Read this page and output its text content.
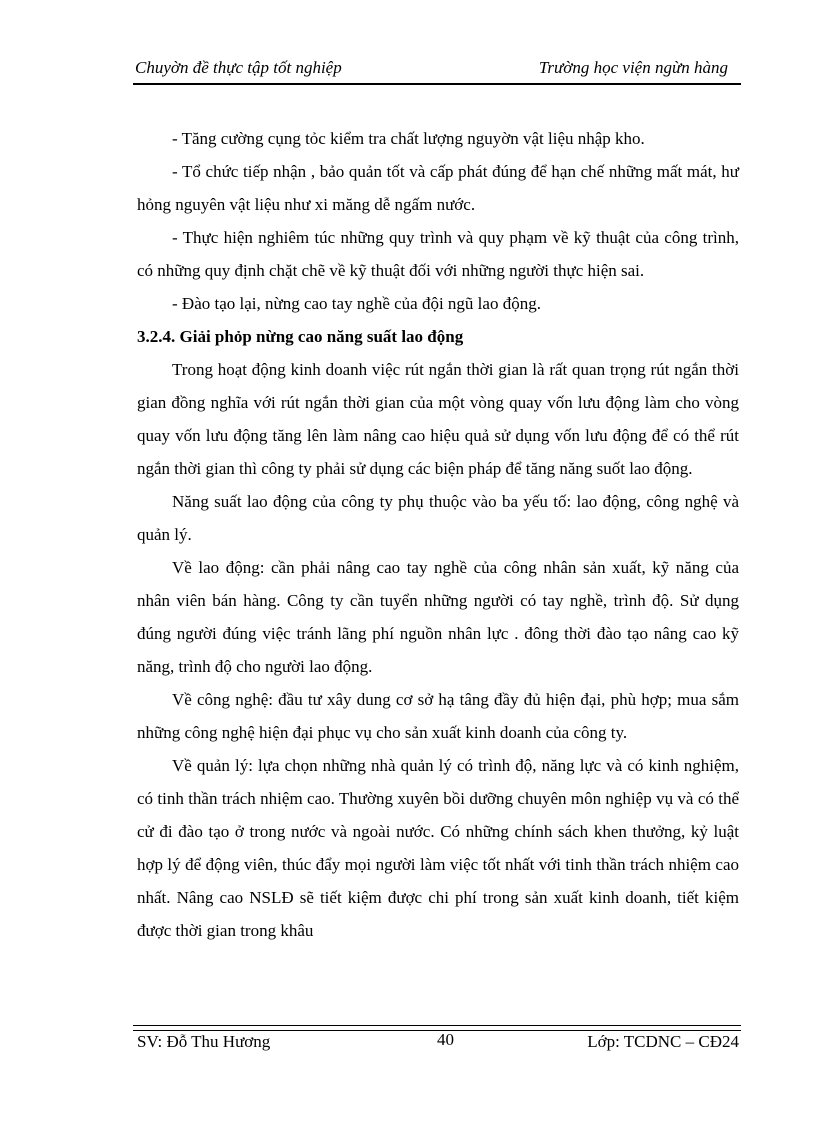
Chuyờn đề thực tập tốt nghiệp	Trường học viện ngừn hàng

- Tăng cường cụng tỏc kiểm tra chất lượng nguyờn vật liệu nhập kho.

- Tổ chức tiếp nhận , bảo quản tốt và cấp phát đúng để hạn chế những mất mát, hư hỏng nguyên vật liệu như xi măng dễ ngấm nước.

- Thực hiện nghiêm túc những quy trình và quy phạm về kỹ thuật của công trình, có những quy định chặt chẽ về kỹ thuật đối với những người thực hiện sai.

- Đào tạo lại, nừng cao tay nghề của đội ngũ lao động.

3.2.4. Giải phỏp nừng cao năng suất lao động

Trong hoạt động kinh doanh việc rút ngắn thời gian là rất quan trọng rút ngắn thời gian đồng nghĩa với rút ngắn thời gian của một vòng quay vốn lưu động làm cho vòng quay vốn lưu động tăng lên làm nâng cao hiệu quả sử dụng vốn lưu động để có thể rút ngắn thời gian thì công ty phải sử dụng các biện pháp để tăng năng suốt lao động.

Năng suất lao động của công ty phụ thuộc vào ba yếu tố: lao động, công nghệ và quản lý.

Về lao động: cần phải nâng cao tay nghề của công nhân sản xuất, kỹ năng của nhân viên bán hàng. Công ty cần tuyển những người có tay nghề, trình độ. Sử dụng đúng người đúng việc tránh lãng phí nguồn nhân lực . đông thời đào tạo nâng cao kỹ năng, trình độ cho người lao động.

Về công nghệ: đầu tư xây dung cơ sở hạ tâng đầy đủ hiện đại, phù hợp; mua sắm những công nghệ hiện đại phục vụ cho sản xuất kinh doanh của công ty.

Về quản lý: lựa chọn những nhà quản lý có trình độ, năng lực và có kinh nghiệm, có tinh thần trách nhiệm cao. Thường xuyên bồi dưỡng chuyên môn nghiệp vụ và có thể cử đi đào tạo ở trong nước và ngoài nước. Có những chính sách khen thưởng, kỷ luật hợp lý để động viên, thúc đẩy mọi người làm việc tốt nhất với tinh thần trách nhiệm cao nhất. Nâng cao NSLĐ sẽ tiết kiệm được chi phí trong sản xuất kinh doanh, tiết kiệm được thời gian trong khâu

SV: Đỗ Thu Hương	40	Lớp: TCDNC – CĐ24
